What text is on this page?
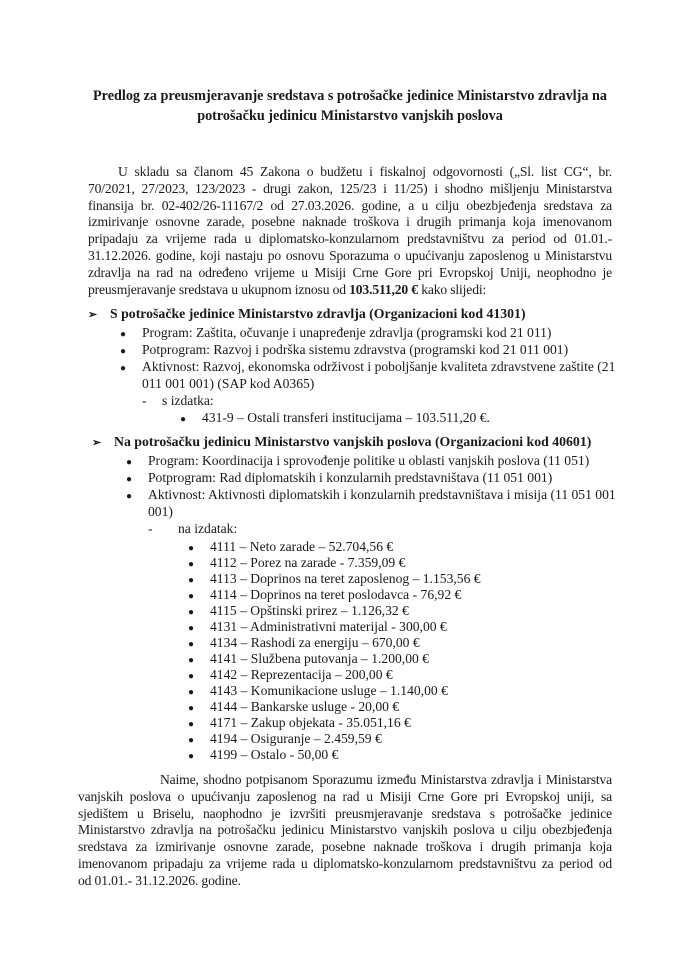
Predlog za preusmjeravanje sredstava s potrošačke jedinice Ministarstvo zdravlja na
potrošačku jedinicu Ministarstvo vanjskih poslova
U skladu sa članom 45 Zakona o budžetu i fiskalnoj odgovornosti („Sl. list CG“, br.
70/2021, 27/2023, 123/2023 - drugi zakon, 125/23 i 11/25) i shodno mišljenju Ministarstva
finansija br. 02-402/26-11167/2 od 27.03.2026. godine, a u cilju obezbjeđenja sredstava za
izmirivanje osnovne zarade, posebne naknade troškova i drugih primanja koja imenovanom
pripadaju za vrijeme rada u diplomatsko-konzularnom predstavništvu za period od 01.01.-
31.12.2026. godine, koji nastaju po osnovu Sporazuma o upućivanju zaposlenog u Ministarstvu
zdravlja na rad na određeno vrijeme u Misiji Crne Gore pri Evropskoj Uniji, neophodno je
preusmjeravanje sredstava u ukupnom iznosu od 103.511,20 € kako slijedi:
➢ S potrošačke jedinice Ministarstvo zdravlja (Organizacioni kod 41301)
● Program: Zaštita, očuvanje i unapređenje zdravlja (programski kod 21 011)
● Potprogram: Razvoj i podrška sistemu zdravstva (programski kod 21 011 001)
● Aktivnost: Razvoj, ekonomska održivost i poboljšanje kvaliteta zdravstvene zaštite (21
011 001 001) (SAP kod A0365)
- s izdatka:
● 431-9 – Ostali transferi institucijama – 103.511,20 €.
➢ Na potrošačku jedinicu Ministarstvo vanjskih poslova (Organizacioni kod 40601)
● Program: Koordinacija i sprovođenje politike u oblasti vanjskih poslova (11 051)
● Potprogram: Rad diplomatskih i konzularnih predstavništava (11 051 001)
● Aktivnost: Aktivnosti diplomatskih i konzularnih predstavništava i misija (11 051 001
001)
- na izdatak:
● 4111 – Neto zarade – 52.704,56 €
● 4112 – Porez na zarade - 7.359,09 €
● 4113 – Doprinos na teret zaposlenog – 1.153,56 €
● 4114 – Doprinos na teret poslodavca - 76,92 €
● 4115 – Opštinski prirez – 1.126,32 €
● 4131 – Administrativni materijal - 300,00 €
● 4134 – Rashodi za energiju – 670,00 €
● 4141 – Službena putovanja – 1.200,00 €
● 4142 – Reprezentacija – 200,00 €
● 4143 – Komunikacione usluge – 1.140,00 €
● 4144 – Bankarske usluge - 20,00 €
● 4171 – Zakup objekata - 35.051,16 €
● 4194 – Osiguranje – 2.459,59 €
● 4199 – Ostalo - 50,00 €
Naime, shodno potpisanom Sporazumu između Ministarstva zdravlja i Ministarstva
vanjskih poslova o upućivanju zaposlenog na rad u Misiji Crne Gore pri Evropskoj uniji, sa
sjedištem u Briselu, naophodno je izvršiti preusmjeravanje sredstava s potrošačke jedinice
Ministarstvo zdravlja na potrošačku jedinicu Ministarstvo vanjskih poslova u cilju obezbjeđenja
sredstava za izmirivanje osnovne zarade, posebne naknade troškova i drugih primanja koja
imenovanom pripadaju za vrijeme rada u diplomatsko-konzularnom predstavništvu za period od
od 01.01.- 31.12.2026. godine.
